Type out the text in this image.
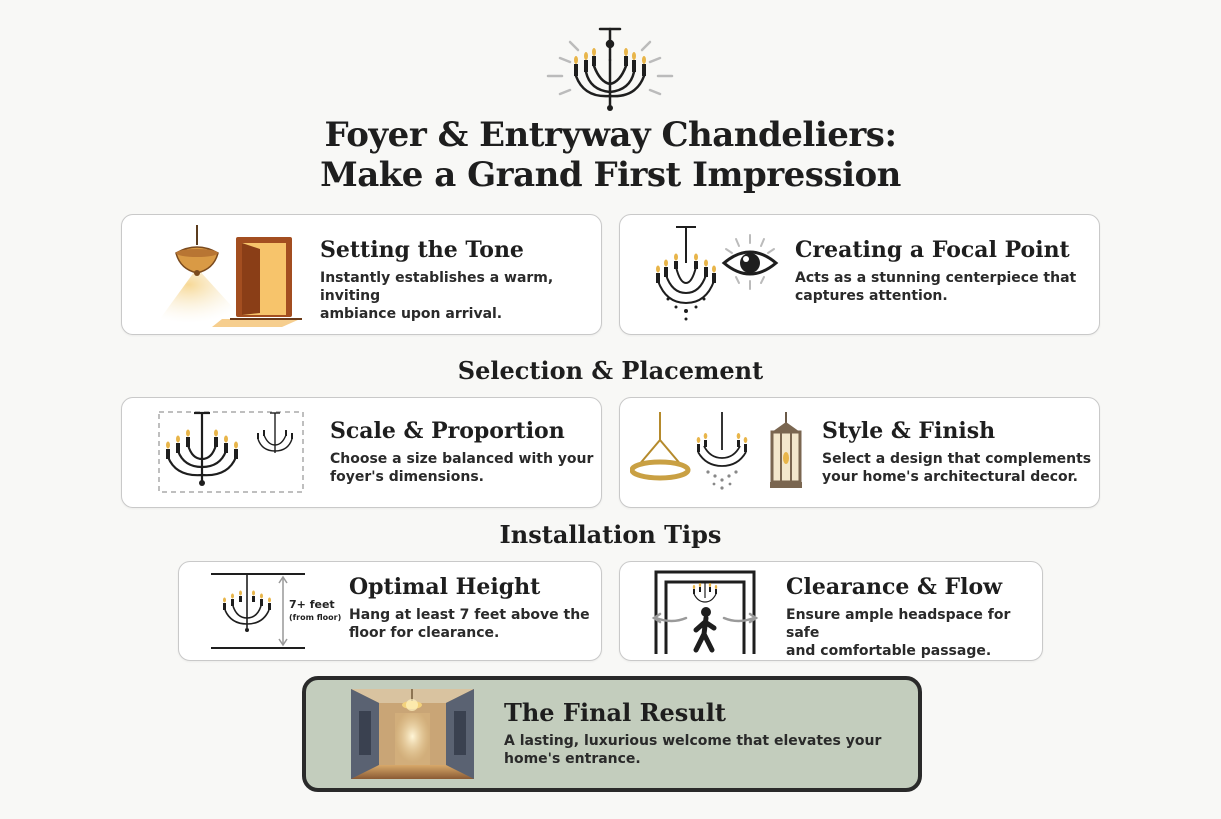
Foyer & Entryway Chandeliers:
Make a Grand First Impression
Setting the Tone
Instantly establishes a warm, inviting
ambiance upon arrival.
Creating a Focal Point
Acts as a stunning centerpiece that
captures attention.
Selection & Placement
Scale & Proportion
Choose a size balanced with your
foyer's dimensions.
Style & Finish
Select a design that complements
your home's architectural decor.
Installation Tips
7+ feet
(from floor)
Optimal Height
Hang at least 7 feet above the
floor for clearance.
Clearance & Flow
Ensure ample headspace for safe
and comfortable passage.
The Final Result
A lasting, luxurious welcome that elevates your
home's entrance.
